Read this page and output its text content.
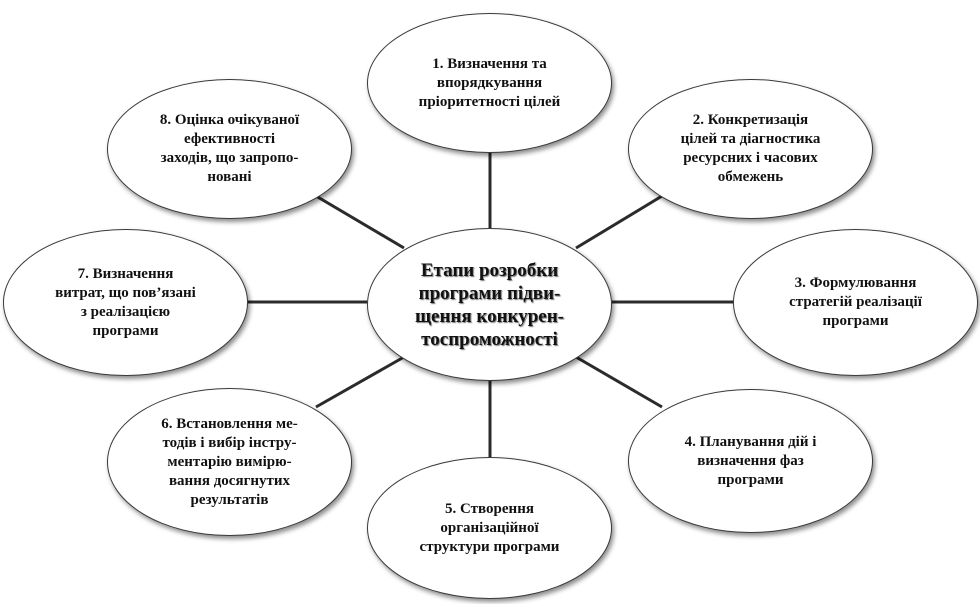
Етапи розробки
програми підви-
щення конкурен-
тоспроможності
1. Визначення та
впорядкування
пріоритетності цілей
2. Конкретизація
цілей та діагностика
ресурсних і часових
обмежень
3. Формулювання
стратегій реалізації
програми
4. Планування дій і
визначення фаз
програми
5. Створення
організаційної
структури програми
6. Встановлення ме-
тодів і вибір інстру-
ментарію вимірю-
вання досягнутих
результатів
7. Визначення
витрат, що пов’язані
з реалізацією
програми
8. Оцінка очікуваної
ефективності
заходів, що запропо-
новані
